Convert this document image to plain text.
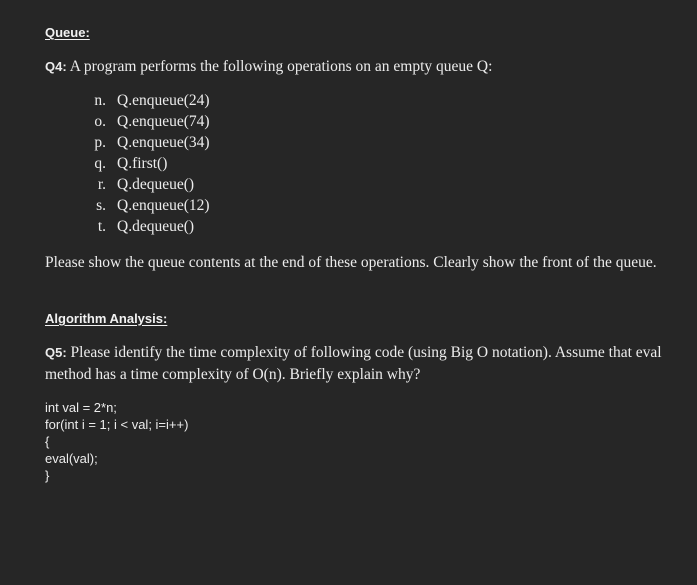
Queue:
Q4: A program performs the following operations on an empty queue Q:
n. Q.enqueue(24)
o. Q.enqueue(74)
p. Q.enqueue(34)
q. Q.first()
r. Q.dequeue()
s. Q.enqueue(12)
t. Q.dequeue()
Please show the queue contents at the end of these operations. Clearly show the front of the queue.
Algorithm Analysis:
Q5: Please identify the time complexity of following code (using Big O notation). Assume that eval method has a time complexity of O(n). Briefly explain why?
int val = 2*n;
for(int i = 1; i < val; i=i++)
{
eval(val);
}
